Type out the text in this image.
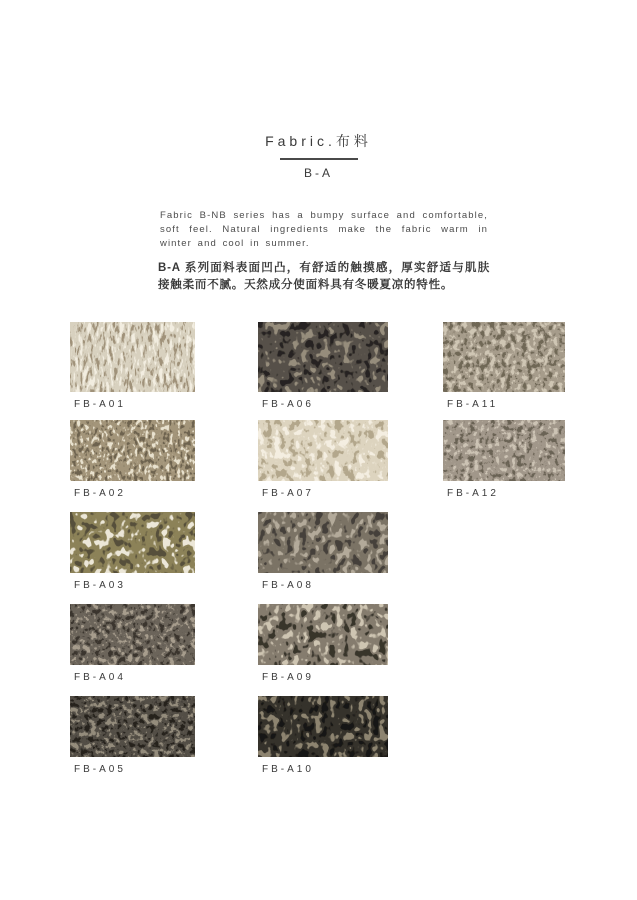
Fabric.布料
B-A

Fabric B-NB series has a bumpy surface and comfortable, soft feel. Natural ingredients make the fabric warm in winter and cool in summer.

B-A 系列面料表面凹凸，有舒适的触摸感，厚实舒适与肌肤接触柔而不腻。天然成分使面料具有冬暖夏凉的特性。

FB-A01
FB-A02
FB-A03
FB-A04
FB-A05
FB-A06
FB-A07
FB-A08
FB-A09
FB-A10
FB-A11
FB-A12
